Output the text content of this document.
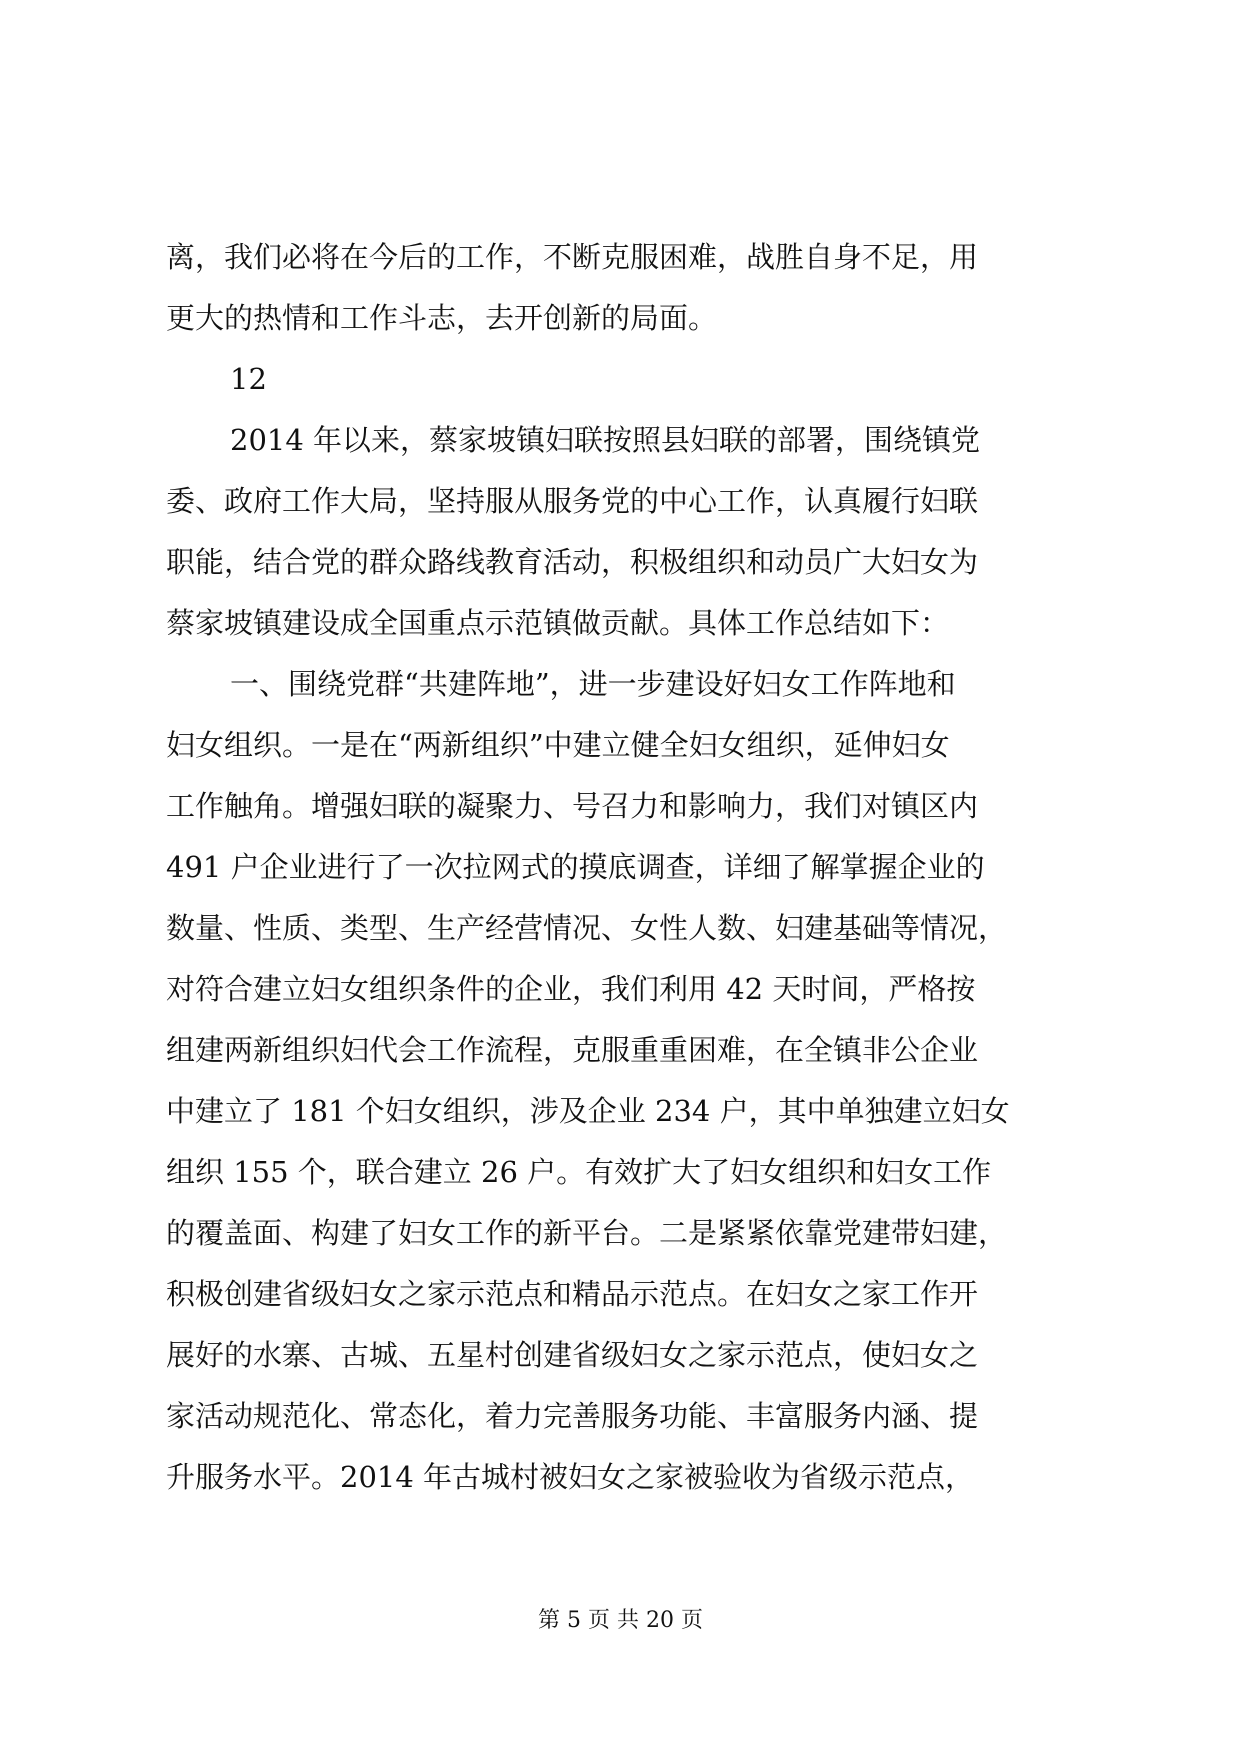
离，我们必将在今后的工作，不断克服困难，战胜自身不足，用
更大的热情和工作斗志，去开创新的局面。
12
2014 年以来，蔡家坡镇妇联按照县妇联的部署，围绕镇党
委、政府工作大局，坚持服从服务党的中心工作，认真履行妇联
职能，结合党的群众路线教育活动，积极组织和动员广大妇女为
蔡家坡镇建设成全国重点示范镇做贡献。具体工作总结如下：
一、围绕党群“共建阵地”，进一步建设好妇女工作阵地和
妇女组织。一是在“两新组织”中建立健全妇女组织，延伸妇女
工作触角。增强妇联的凝聚力、号召力和影响力，我们对镇区内
491 户企业进行了一次拉网式的摸底调查，详细了解掌握企业的
数量、性质、类型、生产经营情况、女性人数、妇建基础等情况，
对符合建立妇女组织条件的企业，我们利用 42 天时间，严格按
组建两新组织妇代会工作流程，克服重重困难，在全镇非公企业
中建立了 181 个妇女组织，涉及企业 234 户，其中单独建立妇女
组织 155 个，联合建立 26 户。有效扩大了妇女组织和妇女工作
的覆盖面、构建了妇女工作的新平台。二是紧紧依靠党建带妇建，
积极创建省级妇女之家示范点和精品示范点。在妇女之家工作开
展好的水寨、古城、五星村创建省级妇女之家示范点，使妇女之
家活动规范化、常态化，着力完善服务功能、丰富服务内涵、提
升服务水平。2014 年古城村被妇女之家被验收为省级示范点，
第 5 页 共 20 页
